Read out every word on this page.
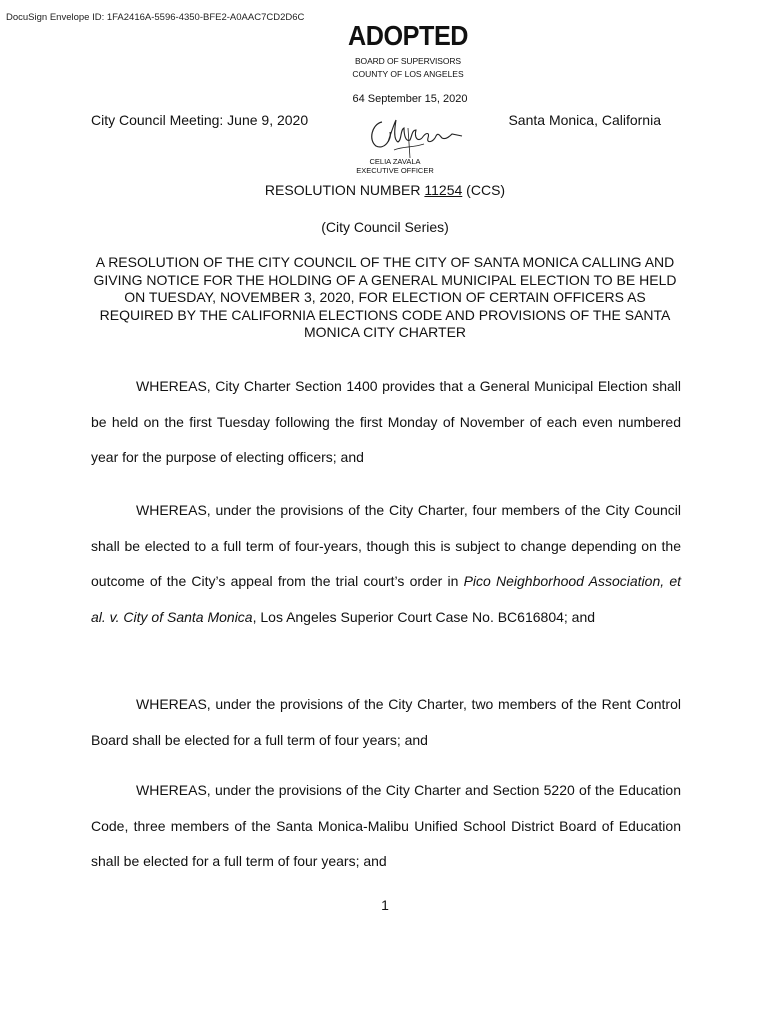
DocuSign Envelope ID: 1FA2416A-5596-4350-BFE2-A0AAC7CD2D6C
ADOPTED
BOARD OF SUPERVISORS
COUNTY OF LOS ANGELES
64 September 15, 2020
City Council Meeting: June 9, 2020	Santa Monica, California
CELIA ZAVALA
EXECUTIVE OFFICER
RESOLUTION NUMBER 11254 (CCS)
(City Council Series)
A RESOLUTION OF THE CITY COUNCIL OF THE CITY OF SANTA MONICA CALLING AND GIVING NOTICE FOR THE HOLDING OF A GENERAL MUNICIPAL ELECTION TO BE HELD ON TUESDAY, NOVEMBER 3, 2020, FOR ELECTION OF CERTAIN OFFICERS AS REQUIRED BY THE CALIFORNIA ELECTIONS CODE AND PROVISIONS OF THE SANTA MONICA CITY CHARTER
WHEREAS, City Charter Section 1400 provides that a General Municipal Election shall be held on the first Tuesday following the first Monday of November of each even numbered year for the purpose of electing officers; and
WHEREAS, under the provisions of the City Charter, four members of the City Council shall be elected to a full term of four-years, though this is subject to change depending on the outcome of the City’s appeal from the trial court’s order in Pico Neighborhood Association, et al. v. City of Santa Monica, Los Angeles Superior Court Case No. BC616804; and
WHEREAS, under the provisions of the City Charter, two members of the Rent Control Board shall be elected for a full term of four years; and
WHEREAS, under the provisions of the City Charter and Section 5220 of the Education Code, three members of the Santa Monica-Malibu Unified School District Board of Education shall be elected for a full term of four years; and
1
